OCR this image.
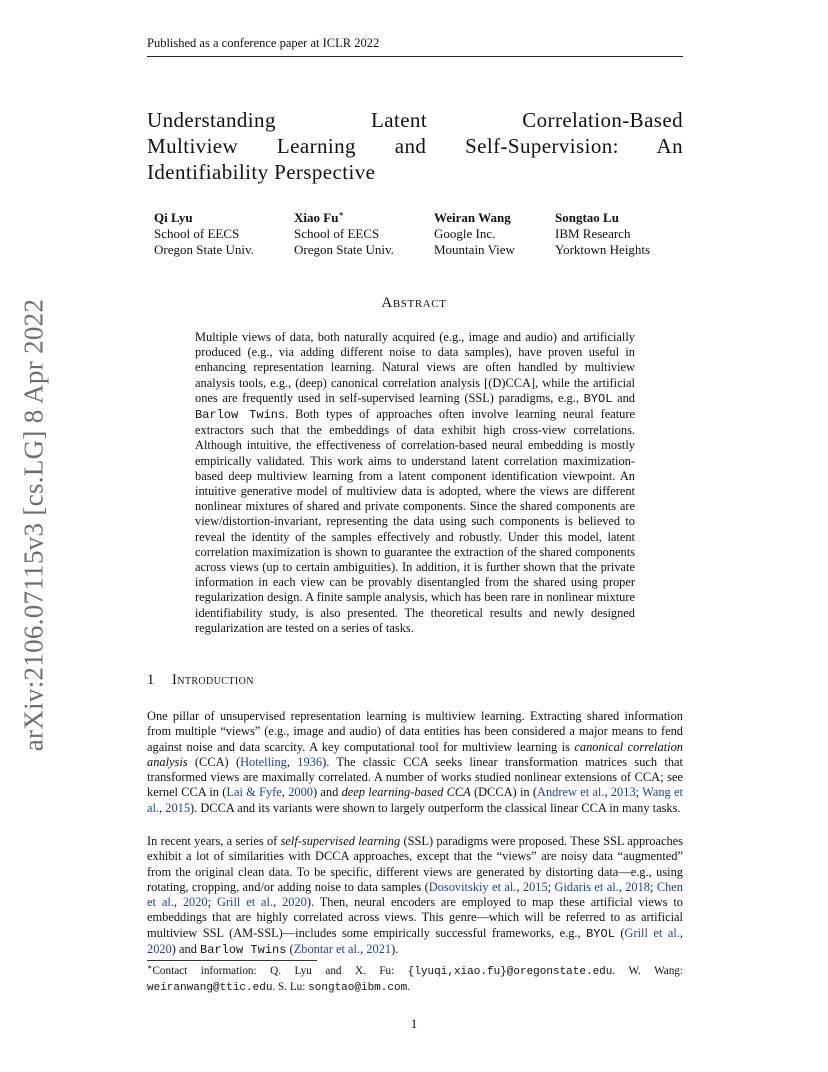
Published as a conference paper at ICLR 2022
Understanding Latent Correlation-Based
Multiview Learning and Self-Supervision: An
Identifiability Perspective
Qi Lyu
School of EECS
Oregon State Univ.
Xiao Fu∗
School of EECS
Oregon State Univ.
Weiran Wang
Google Inc.
Mountain View
Songtao Lu
IBM Research
Yorktown Heights
arXiv:2106.07115v3 [cs.LG] 8 Apr 2022	Abstract

Multiple views of data, both naturally acquired (e.g., image and audio) and artificially produced (e.g., via adding different noise to data samples), have proven useful in enhancing representation learning. Natural views are often handled by multiview analysis tools, e.g., (deep) canonical correlation analysis [(D)CCA], while the artificial ones are frequently used in self-supervised learning (SSL) paradigms, e.g., BYOL and Barlow Twins. Both types of approaches often involve learning neural feature extractors such that the embeddings of data exhibit high cross-view correlations. Although intuitive, the effectiveness of correlation-based neural embedding is mostly empirically validated. This work aims to understand latent correlation maximization-based deep multiview learning from a latent component identification viewpoint. An intuitive generative model of multiview data is adopted, where the views are different nonlinear mixtures of shared and private components. Since the shared components are view/distortion-invariant, representing the data using such components is believed to reveal the identity of the samples effectively and robustly. Under this model, latent correlation maximization is shown to guarantee the extraction of the shared components across views (up to certain ambiguities). In addition, it is further shown that the private information in each view can be provably disentangled from the shared using proper regularization design. A finite sample analysis, which has been rare in nonlinear mixture identifiability study, is also presented. The theoretical results and newly designed regularization are tested on a series of tasks.

1 Introduction

One pillar of unsupervised representation learning is multiview learning. Extracting shared information from multiple “views” (e.g., image and audio) of data entities has been considered a major means to fend against noise and data scarcity. A key computational tool for multiview learning is canonical correlation analysis (CCA) (Hotelling, 1936). The classic CCA seeks linear transformation matrices such that transformed views are maximally correlated. A number of works studied nonlinear extensions of CCA; see kernel CCA in (Lai & Fyfe, 2000) and deep learning-based CCA (DCCA) in (Andrew et al., 2013; Wang et al., 2015). DCCA and its variants were shown to largely outperform the classical linear CCA in many tasks.

In recent years, a series of self-supervised learning (SSL) paradigms were proposed. These SSL approaches exhibit a lot of similarities with DCCA approaches, except that the “views” are noisy data “augmented” from the original clean data. To be specific, different views are generated by distorting data—e.g., using rotating, cropping, and/or adding noise to data samples (Dosovitskiy et al., 2015; Gidaris et al., 2018; Chen et al., 2020; Grill et al., 2020). Then, neural encoders are employed to map these artificial views to embeddings that are highly correlated across views. This genre—which will be referred to as artificial multiview SSL (AM-SSL)—includes some empirically successful frameworks, e.g., BYOL (Grill et al., 2020) and Barlow Twins (Zbontar et al., 2021).

∗Contact information: Q. Lyu and X. Fu: {lyuqi,xiao.fu}@oregonstate.edu. W. Wang: weiranwang@ttic.edu. S. Lu: songtao@ibm.com.

1
